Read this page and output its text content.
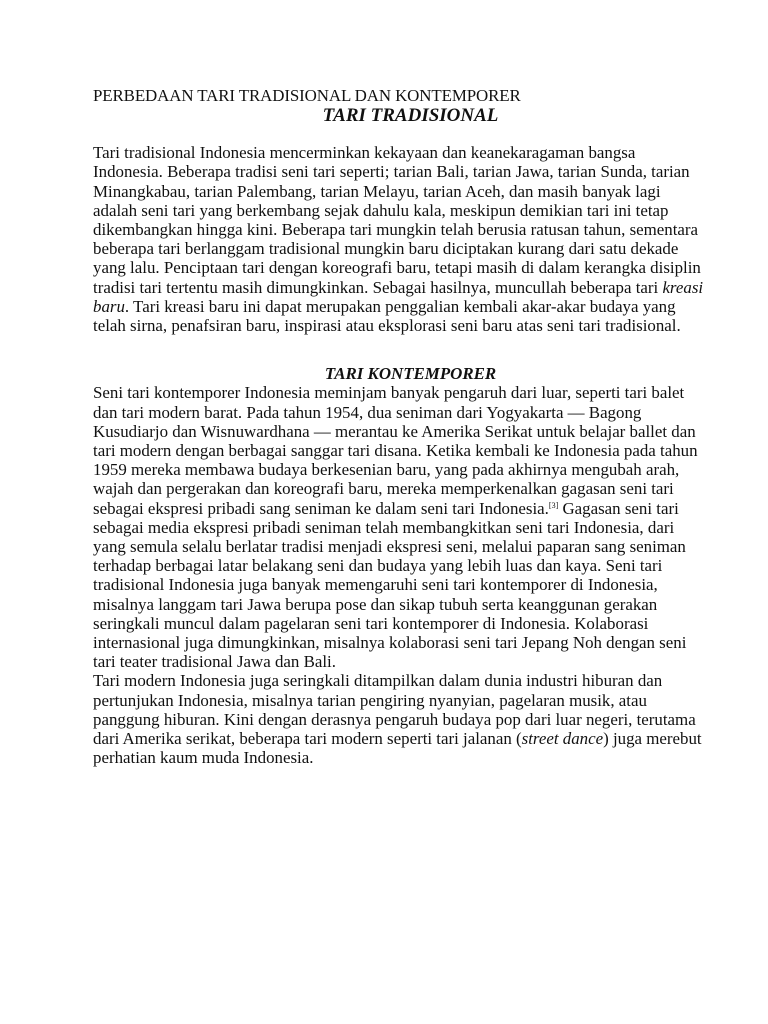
PERBEDAAN TARI TRADISIONAL DAN KONTEMPORER
TARI TRADISIONAL

Tari tradisional Indonesia mencerminkan kekayaan dan keanekaragaman bangsa Indonesia. Beberapa tradisi seni tari seperti; tarian Bali, tarian Jawa, tarian Sunda, tarian Minangkabau, tarian Palembang, tarian Melayu, tarian Aceh, dan masih banyak lagi adalah seni tari yang berkembang sejak dahulu kala, meskipun demikian tari ini tetap dikembangkan hingga kini. Beberapa tari mungkin telah berusia ratusan tahun, sementara beberapa tari berlanggam tradisional mungkin baru diciptakan kurang dari satu dekade yang lalu. Penciptaan tari dengan koreografi baru, tetapi masih di dalam kerangka disiplin tradisi tari tertentu masih dimungkinkan. Sebagai hasilnya, muncullah beberapa tari kreasi baru. Tari kreasi baru ini dapat merupakan penggalian kembali akar-akar budaya yang telah sirna, penafsiran baru, inspirasi atau eksplorasi seni baru atas seni tari tradisional.

TARI KONTEMPORER

Seni tari kontemporer Indonesia meminjam banyak pengaruh dari luar, seperti tari balet dan tari modern barat. Pada tahun 1954, dua seniman dari Yogyakarta — Bagong Kusudiarjo dan Wisnuwardhana — merantau ke Amerika Serikat untuk belajar ballet dan tari modern dengan berbagai sanggar tari disana. Ketika kembali ke Indonesia pada tahun 1959 mereka membawa budaya berkesenian baru, yang pada akhirnya mengubah arah, wajah dan pergerakan dan koreografi baru, mereka memperkenalkan gagasan seni tari sebagai ekspresi pribadi sang seniman ke dalam seni tari Indonesia.[3] Gagasan seni tari sebagai media ekspresi pribadi seniman telah membangkitkan seni tari Indonesia, dari yang semula selalu berlatar tradisi menjadi ekspresi seni, melalui paparan sang seniman terhadap berbagai latar belakang seni dan budaya yang lebih luas dan kaya. Seni tari tradisional Indonesia juga banyak memengaruhi seni tari kontemporer di Indonesia, misalnya langgam tari Jawa berupa pose dan sikap tubuh serta keanggunan gerakan seringkali muncul dalam pagelaran seni tari kontemporer di Indonesia. Kolaborasi internasional juga dimungkinkan, misalnya kolaborasi seni tari Jepang Noh dengan seni tari teater tradisional Jawa dan Bali.

Tari modern Indonesia juga seringkali ditampilkan dalam dunia industri hiburan dan pertunjukan Indonesia, misalnya tarian pengiring nyanyian, pagelaran musik, atau panggung hiburan. Kini dengan derasnya pengaruh budaya pop dari luar negeri, terutama dari Amerika serikat, beberapa tari modern seperti tari jalanan (street dance) juga merebut perhatian kaum muda Indonesia.
